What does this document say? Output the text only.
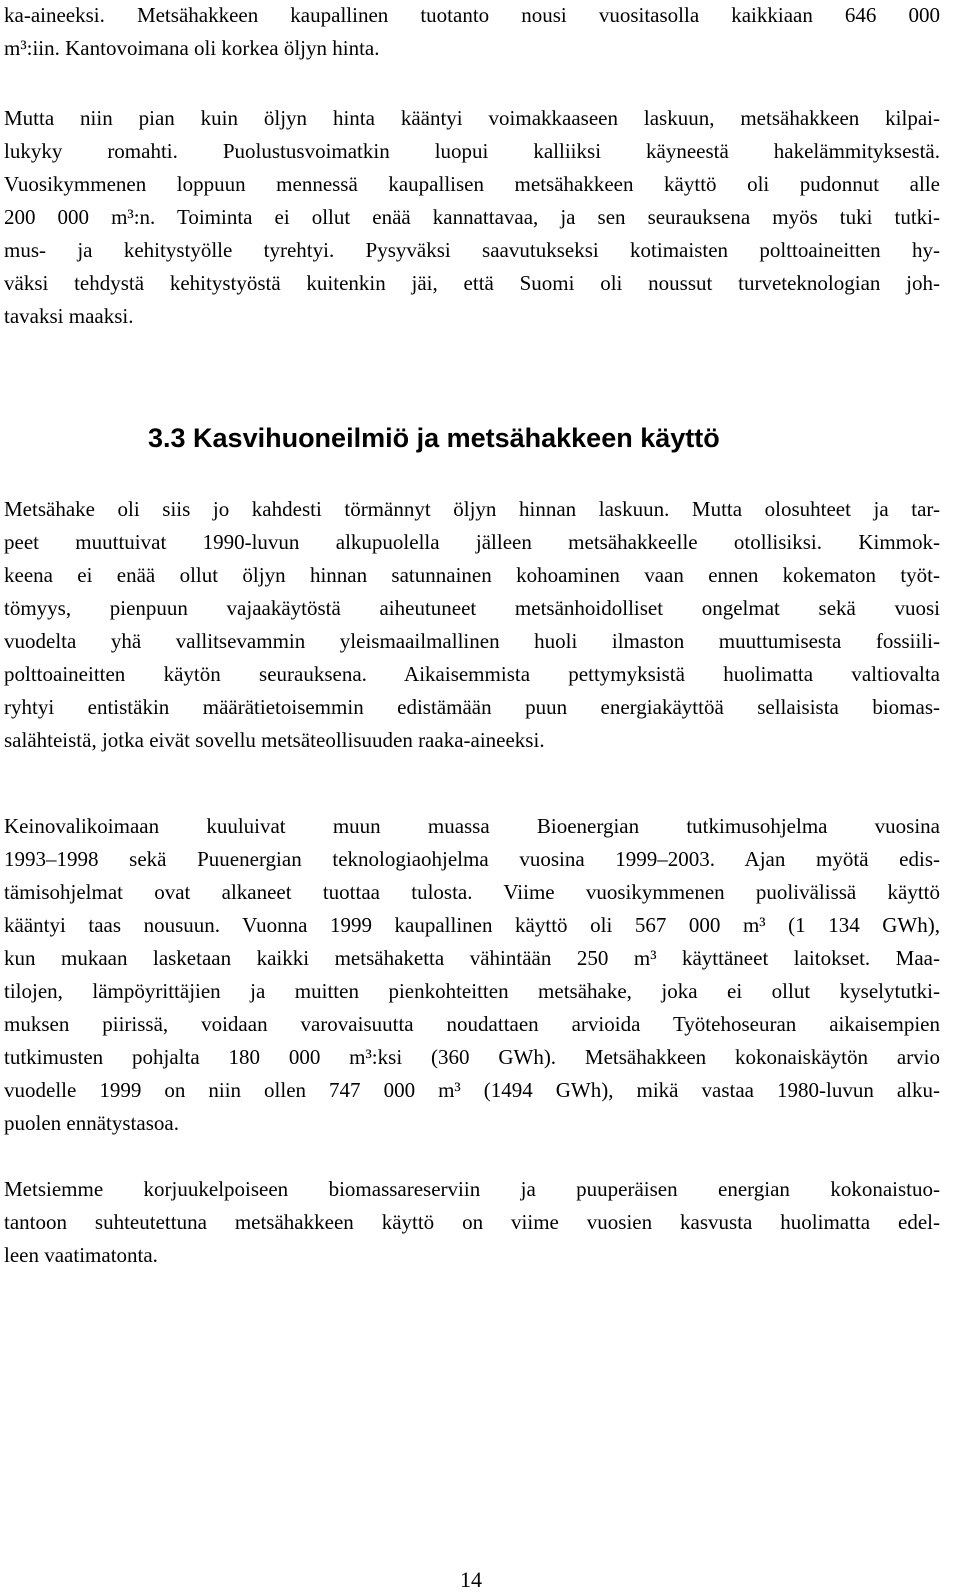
ka-aineeksi. Metsähakkeen kaupallinen tuotanto nousi vuositasolla kaikkiaan 646 000
m³:iin. Kantovoimana oli korkea öljyn hinta.
Mutta niin pian kuin öljyn hinta kääntyi voimakkaaseen laskuun, metsähakkeen kilpai-
lukyky romahti. Puolustusvoimatkin luopui kalliiksi käyneestä hakelämmityksestä.
Vuosikymmenen loppuun mennessä kaupallisen metsähakkeen käyttö oli pudonnut alle
200 000 m³:n. Toiminta ei ollut enää kannattavaa, ja sen seurauksena myös tuki tutki-
mus- ja kehitystyölle tyrehtyi. Pysyväksi saavutukseksi kotimaisten polttoaineitten hy-
väksi tehdystä kehitystyöstä kuitenkin jäi, että Suomi oli noussut turveteknologian joh-
tavaksi maaksi.
3.3 Kasvihuoneilmiö ja metsähakkeen käyttö
Metsähake oli siis jo kahdesti törmännyt öljyn hinnan laskuun. Mutta olosuhteet ja tar-
peet muuttuivat 1990-luvun alkupuolella jälleen metsähakkeelle otollisiksi. Kimmok-
keena ei enää ollut öljyn hinnan satunnainen kohoaminen vaan ennen kokematon työt-
tömyys, pienpuun vajaakäytöstä aiheutuneet metsänhoidolliset ongelmat sekä vuosi
vuodelta yhä vallitsevammin yleismaailmallinen huoli ilmaston muuttumisesta fossiili-
polttoaineitten käytön seurauksena. Aikaisemmista pettymyksistä huolimatta valtiovalta
ryhtyi entistäkin määrätietoisemmin edistämään puun energiakäyttöä sellaisista biomas-
salähteistä, jotka eivät sovellu metsäteollisuuden raaka-aineeksi.
Keinovalikoimaan kuuluivat muun muassa Bioenergian tutkimusohjelma vuosina
1993–1998 sekä Puuenergian teknologiaohjelma vuosina 1999–2003. Ajan myötä edis-
tämisohjelmat ovat alkaneet tuottaa tulosta. Viime vuosikymmenen puolivälissä käyttö
kääntyi taas nousuun. Vuonna 1999 kaupallinen käyttö oli 567 000 m³ (1 134 GWh),
kun mukaan lasketaan kaikki metsähaketta vähintään 250 m³ käyttäneet laitokset. Maa-
tilojen, lämpöyrittäjien ja muitten pienkohteitten metsähake, joka ei ollut kyselytutki-
muksen piirissä, voidaan varovaisuutta noudattaen arvioida Työtehoseuran aikaisempien
tutkimusten pohjalta 180 000 m³:ksi (360 GWh). Metsähakkeen kokonaiskäytön arvio
vuodelle 1999 on niin ollen 747 000 m³ (1494 GWh), mikä vastaa 1980-luvun alku-
puolen ennätystasoa.
Metsiemme korjuukelpoiseen biomassareserviin ja puuperäisen energian kokonaistuo-
tantoon suhteutettuna metsähakkeen käyttö on viime vuosien kasvusta huolimatta edel-
leen vaatimatonta.
14
